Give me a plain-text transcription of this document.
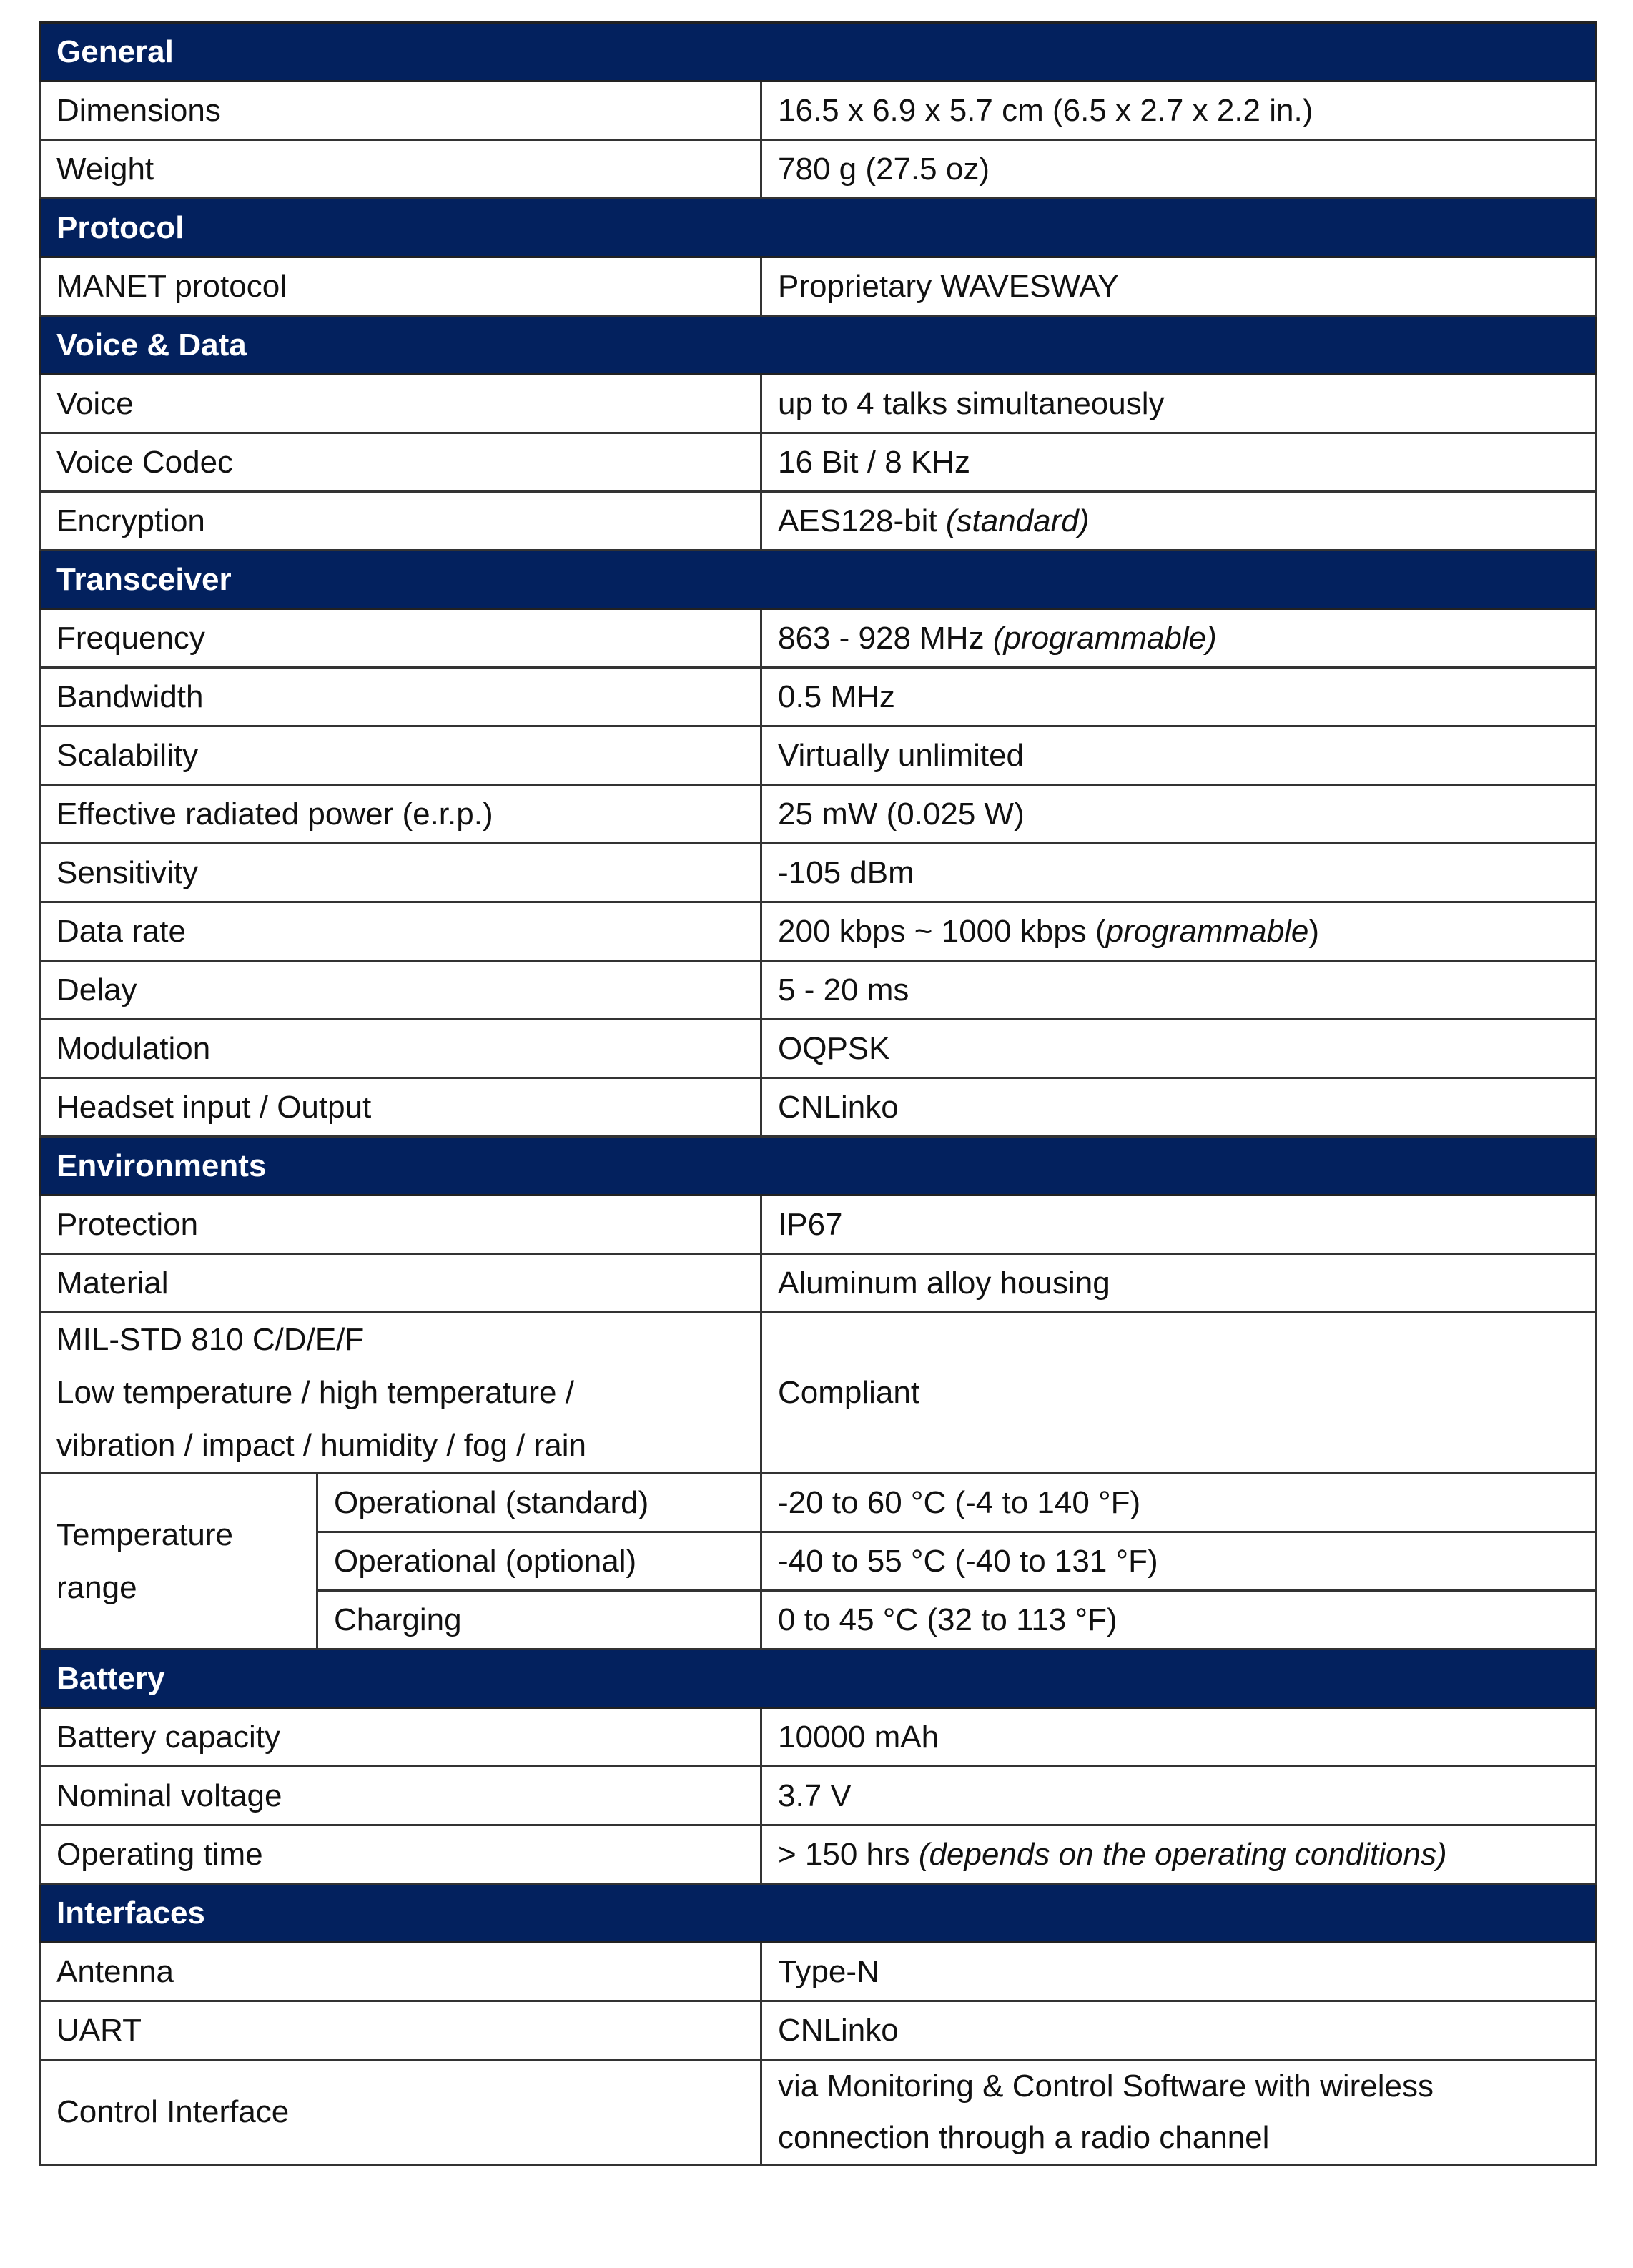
General		
Dimensions		16.5 x 6.9 x 5.7 cm (6.5 x 2.7 x 2.2 in.)
Weight		780 g (27.5 oz)
Protocol		
MANET protocol		Proprietary WAVESWAY
Voice & Data		
Voice		up to 4 talks simultaneously
Voice Codec		16 Bit / 8 KHz
Encryption		AES128-bit (standard)
Transceiver		
Frequency		863 - 928 MHz (programmable)
Bandwidth		0.5 MHz
Scalability		Virtually unlimited
Effective radiated power (e.r.p.)		25 mW (0.025 W)
Sensitivity		-105 dBm
Data rate		200 kbps ~ 1000 kbps (programmable)
Delay		5 - 20 ms
Modulation		OQPSK
Headset input / Output		CNLinko
Environments		
Protection		IP67
Material		Aluminum alloy housing
MIL-STD 810 C/D/E/F
Low temperature / high temperature /
vibration / impact / humidity / fog / rain		Compliant
Temperature
range	Operational (standard)	-20 to 60 °C (-4 to 140 °F)
	Operational (optional)	-40 to 55 °C (-40 to 131 °F)
	Charging	0 to 45 °C (32 to 113 °F)
Battery		
Battery capacity		10000 mAh
Nominal voltage		3.7 V
Operating time		> 150 hrs (depends on the operating conditions)
Interfaces		
Antenna		Type-N
UART		CNLinko
Control Interface		via Monitoring & Control Software with wireless
connection through a radio channel
